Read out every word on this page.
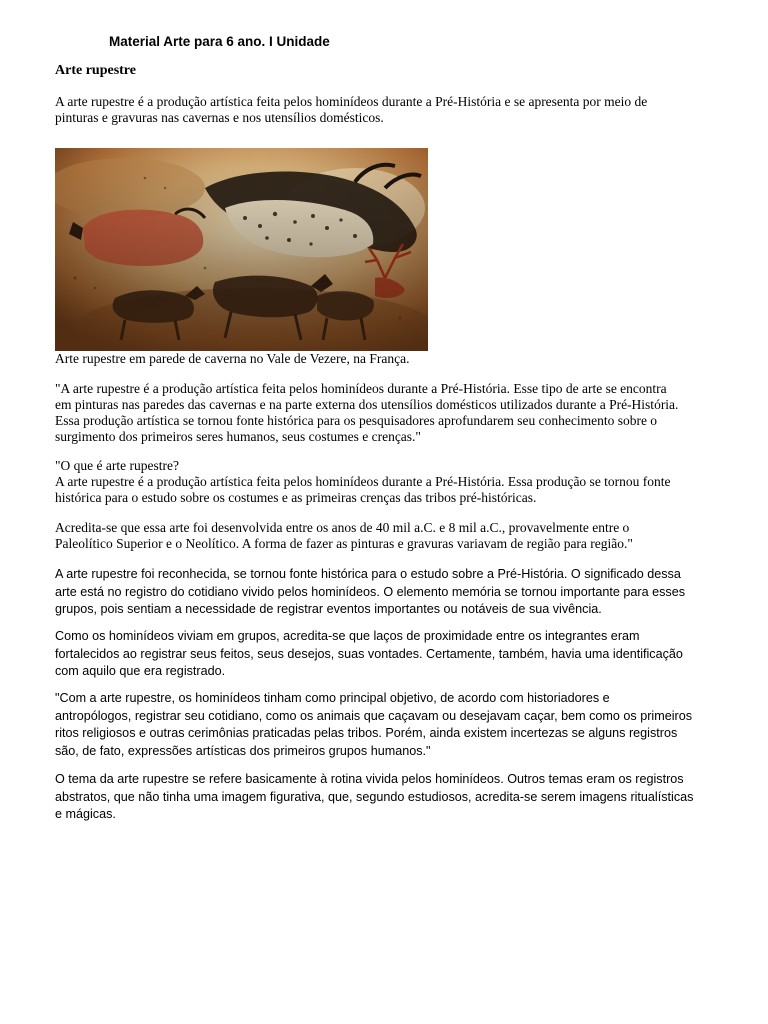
Material Arte para 6 ano. I Unidade
Arte rupestre

A arte rupestre é a produção artística feita pelos hominídeos durante a Pré-História e se apresenta por meio de
pinturas e gravuras nas cavernas e nos utensílios domésticos.

Arte rupestre em parede de caverna no Vale de Vezere, na França.

"A arte rupestre é a produção artística feita pelos hominídeos durante a Pré-História. Esse tipo de arte se encontra
em pinturas nas paredes das cavernas e na parte externa dos utensílios domésticos utilizados durante a Pré-História.
Essa produção artística se tornou fonte histórica para os pesquisadores aprofundarem seu conhecimento sobre o
surgimento dos primeiros seres humanos, seus costumes e crenças."

"O que é arte rupestre?
A arte rupestre é a produção artística feita pelos hominídeos durante a Pré-História. Essa produção se tornou fonte
histórica para o estudo sobre os costumes e as primeiras crenças das tribos pré-históricas.

Acredita-se que essa arte foi desenvolvida entre os anos de 40 mil a.C. e 8 mil a.C., provavelmente entre o
Paleolítico Superior e o Neolítico. A forma de fazer as pinturas e gravuras variavam de região para região."

A arte rupestre foi reconhecida, se tornou fonte histórica para o estudo sobre a Pré-História. O significado dessa
arte está no registro do cotidiano vivido pelos hominídeos. O elemento memória se tornou importante para esses
grupos, pois sentiam a necessidade de registrar eventos importantes ou notáveis de sua vivência.

Como os hominídeos viviam em grupos, acredita-se que laços de proximidade entre os integrantes eram
fortalecidos ao registrar seus feitos, seus desejos, suas vontades. Certamente, também, havia uma identificação
com aquilo que era registrado.

"Com a arte rupestre, os hominídeos tinham como principal objetivo, de acordo com historiadores e
antropólogos, registrar seu cotidiano, como os animais que caçavam ou desejavam caçar, bem como os primeiros
ritos religiosos e outras cerimônias praticadas pelas tribos. Porém, ainda existem incertezas se alguns registros
são, de fato, expressões artísticas dos primeiros grupos humanos."

O tema da arte rupestre se refere basicamente à rotina vivida pelos hominídeos. Outros temas eram os registros
abstratos, que não tinha uma imagem figurativa, que, segundo estudiosos, acredita-se serem imagens ritualísticas
e mágicas.
